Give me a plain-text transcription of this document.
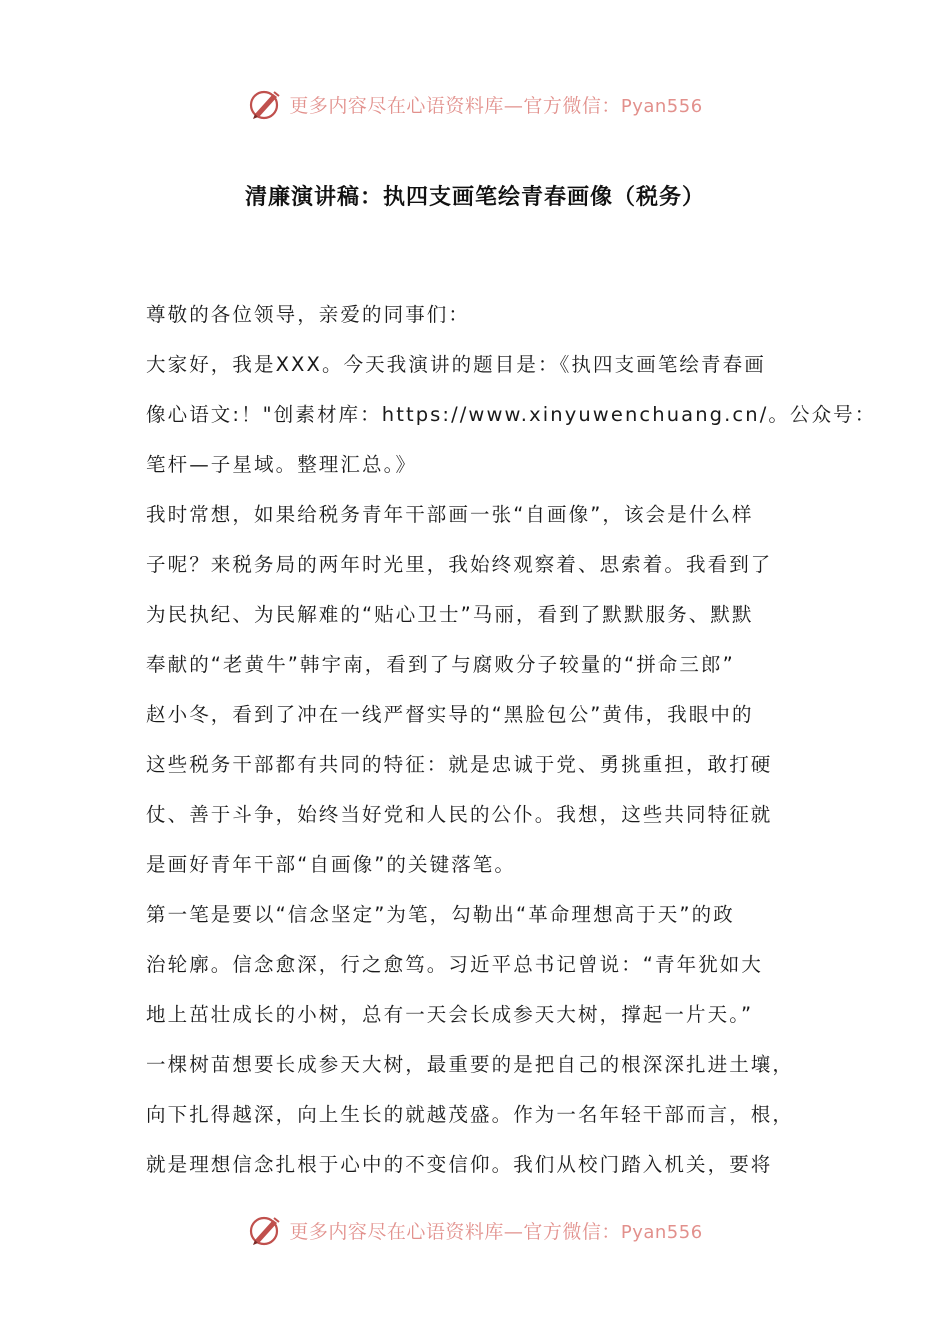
更多内容尽在心语资料库—官方微信：Pyan556
清廉演讲稿：执四支画笔绘青春画像（税务）
尊敬的各位领导，亲爱的同事们：
大家好，我是XXX。今天我演讲的题目是：《执四支画笔绘青春画
像心语文:！"创素材库：https://www.xinyuwenchuang.cn/。公众号：
笔杆—子星域。整理汇总。》
我时常想，如果给税务青年干部画一张“自画像”，该会是什么样
子呢？来税务局的两年时光里，我始终观察着、思索着。我看到了
为民执纪、为民解难的“贴心卫士”马丽，看到了默默服务、默默
奉献的“老黄牛”韩宇南，看到了与腐败分子较量的“拼命三郎”
赵小冬，看到了冲在一线严督实导的“黑脸包公”黄伟，我眼中的
这些税务干部都有共同的特征：就是忠诚于党、勇挑重担，敢打硬
仗、善于斗争，始终当好党和人民的公仆。我想，这些共同特征就
是画好青年干部“自画像”的关键落笔。
第一笔是要以“信念坚定”为笔，勾勒出“革命理想高于天”的政
治轮廓。信念愈深，行之愈笃。习近平总书记曾说：“青年犹如大
地上茁壮成长的小树，总有一天会长成参天大树，撑起一片天。”
一棵树苗想要长成参天大树，最重要的是把自己的根深深扎进土壤，
向下扎得越深，向上生长的就越茂盛。作为一名年轻干部而言，根，
就是理想信念扎根于心中的不变信仰。我们从校门踏入机关，要将
更多内容尽在心语资料库—官方微信：Pyan556
